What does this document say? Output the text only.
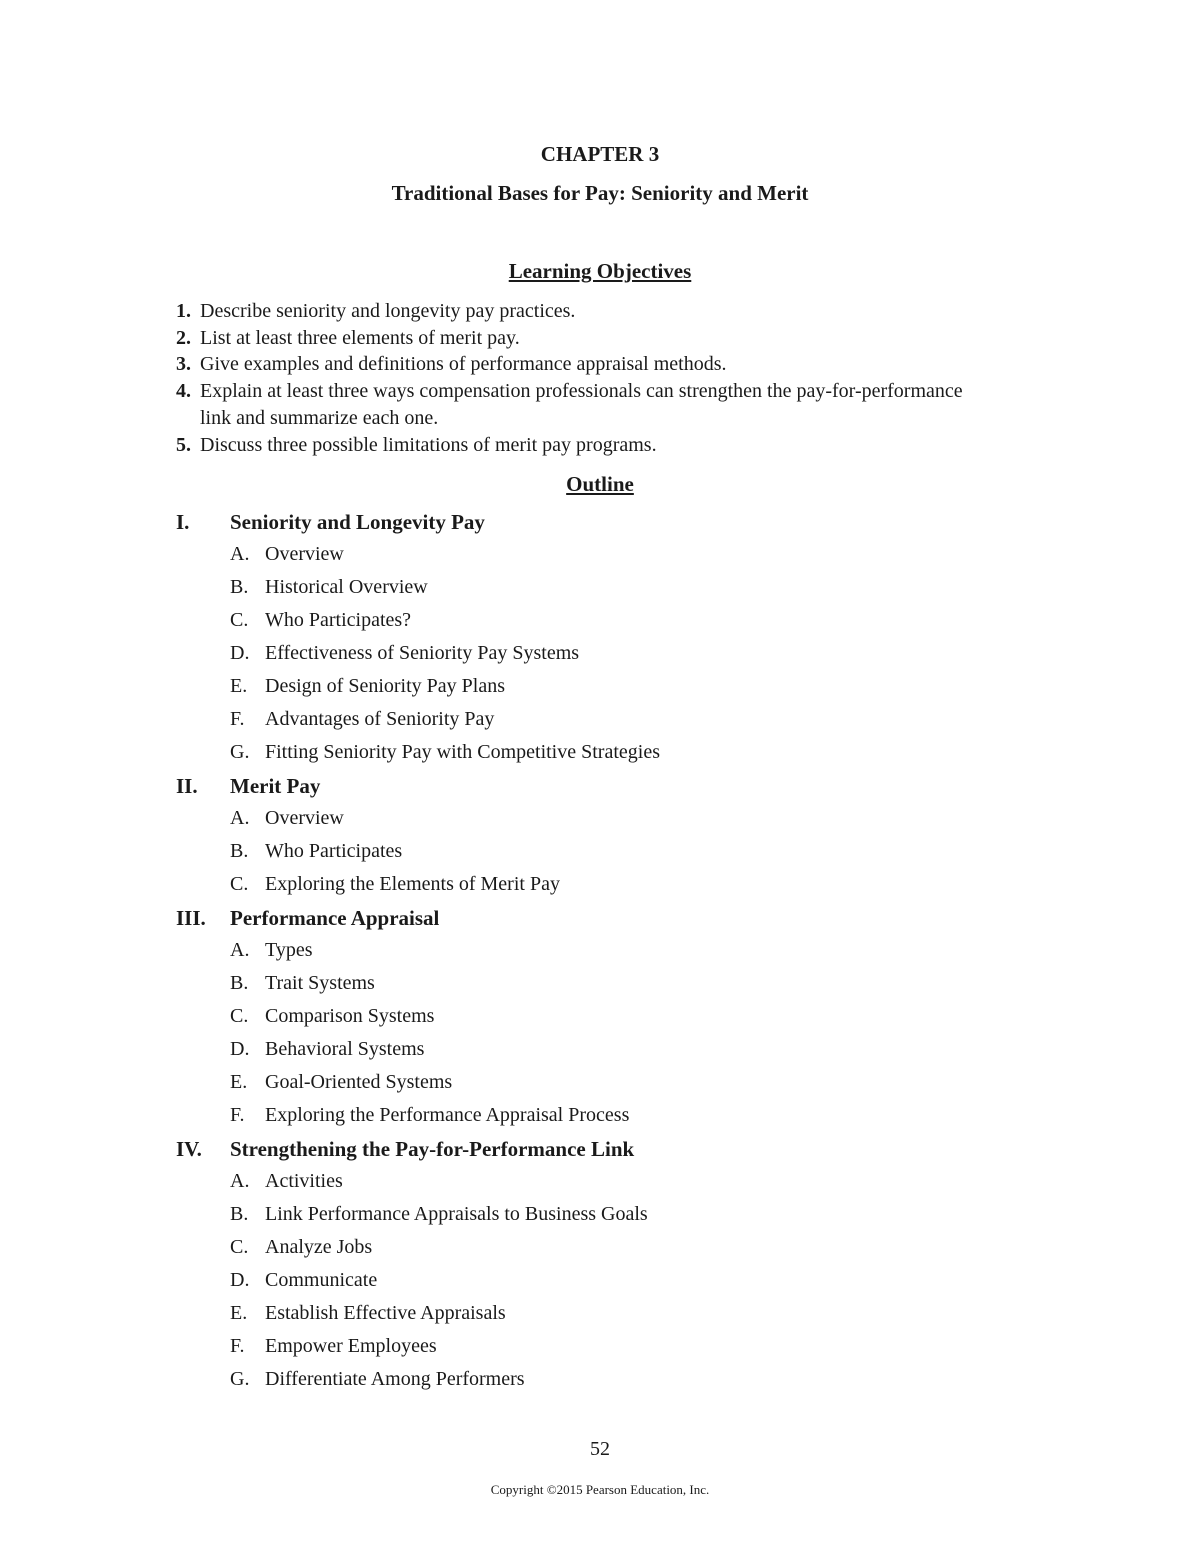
CHAPTER 3
Traditional Bases for Pay: Seniority and Merit
Learning Objectives
1. Describe seniority and longevity pay practices.
2. List at least three elements of merit pay.
3. Give examples and definitions of performance appraisal methods.
4. Explain at least three ways compensation professionals can strengthen the pay-for-performance link and summarize each one.
5. Discuss three possible limitations of merit pay programs.
Outline
I. Seniority and Longevity Pay
A. Overview
B. Historical Overview
C. Who Participates?
D. Effectiveness of Seniority Pay Systems
E. Design of Seniority Pay Plans
F. Advantages of Seniority Pay
G. Fitting Seniority Pay with Competitive Strategies
II. Merit Pay
A. Overview
B. Who Participates
C. Exploring the Elements of Merit Pay
III. Performance Appraisal
A. Types
B. Trait Systems
C. Comparison Systems
D. Behavioral Systems
E. Goal-Oriented Systems
F. Exploring the Performance Appraisal Process
IV. Strengthening the Pay-for-Performance Link
A. Activities
B. Link Performance Appraisals to Business Goals
C. Analyze Jobs
D. Communicate
E. Establish Effective Appraisals
F. Empower Employees
G. Differentiate Among Performers
52
Copyright ©2015 Pearson Education, Inc.
